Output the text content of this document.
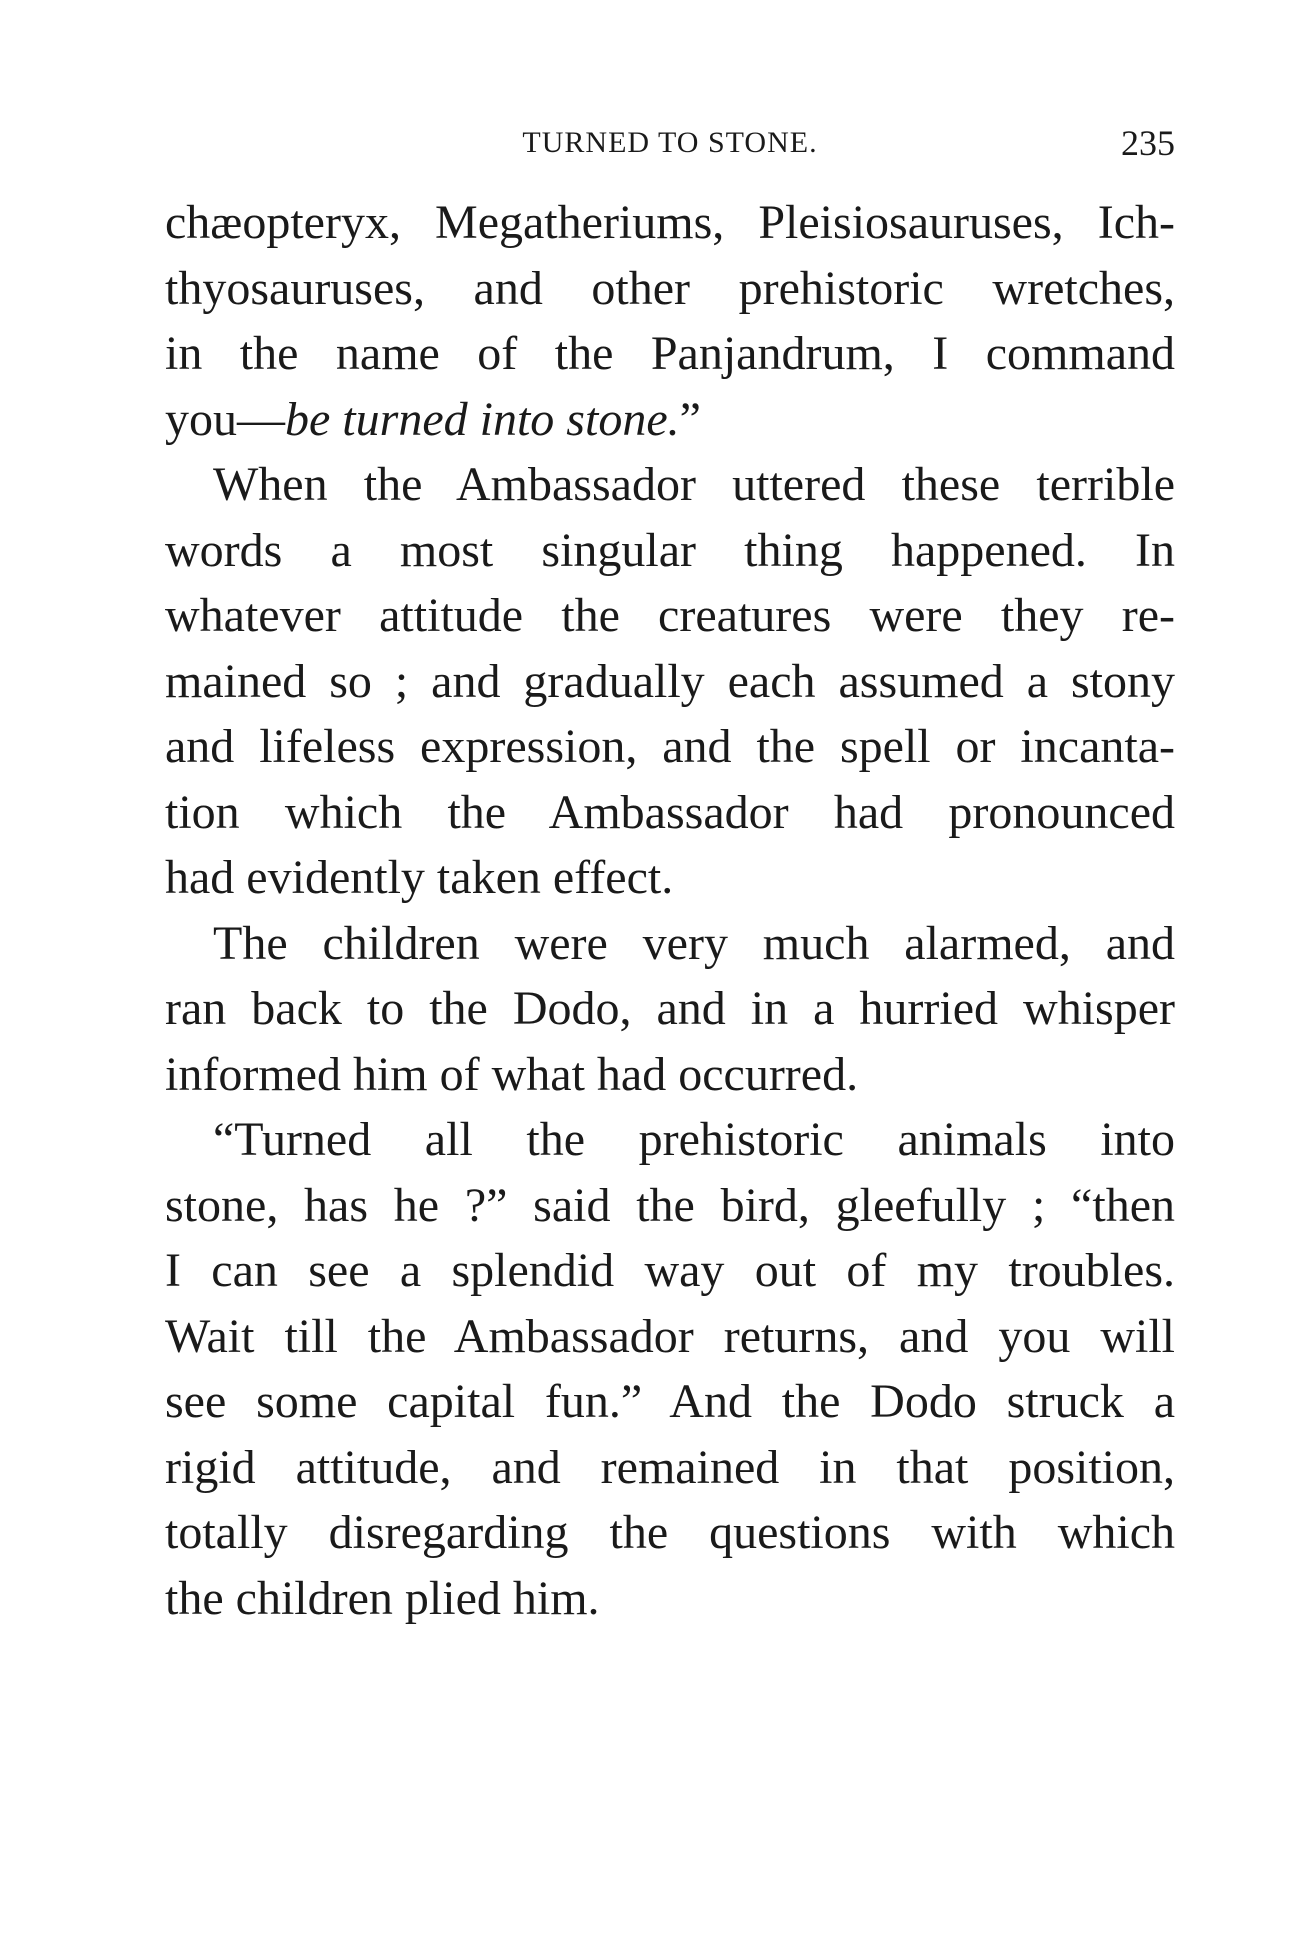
TURNED TO STONE.	235

chæopteryx, Megatheriums, Pleisiosauruses, Ich-
thyosauruses, and other prehistoric wretches,
in the name of the Panjandrum, I command
you—be turned into stone.”

When the Ambassador uttered these terrible
words a most singular thing happened. In
whatever attitude the creatures were they re-
mained so ; and gradually each assumed a stony
and lifeless expression, and the spell or incanta-
tion which the Ambassador had pronounced
had evidently taken effect.

The children were very much alarmed, and
ran back to the Dodo, and in a hurried whisper
informed him of what had occurred.

“Turned all the prehistoric animals into
stone, has he ?” said the bird, gleefully ; “then
I can see a splendid way out of my troubles.
Wait till the Ambassador returns, and you will
see some capital fun.” And the Dodo struck a
rigid attitude, and remained in that position,
totally disregarding the questions with which
the children plied him.
